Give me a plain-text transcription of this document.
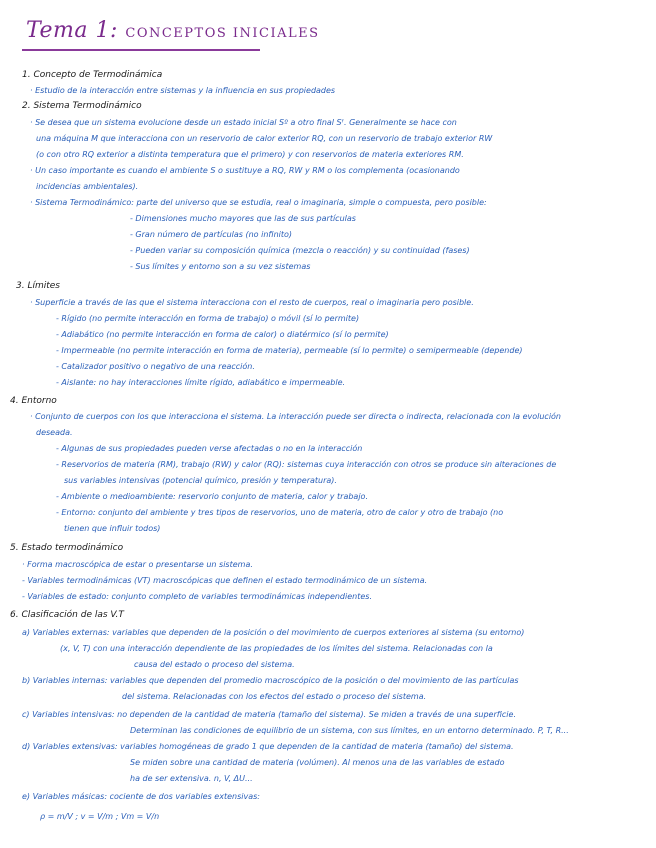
Tema 1: CONCEPTOS INICIALES
1. Concepto de Termodinámica
· Estudio de la interacción entre sistemas y la influencia en sus propiedades
2. Sistema Termodinámico
· Se desea que un sistema evolucione desde un estado inicial Sº a otro final Sᶠ. Generalmente se hace con
una máquina M que interacciona con un reservorio de calor exterior RQ, con un reservorio de trabajo exterior RW
(o con otro RQ exterior a distinta temperatura que el primero) y con reservorios de materia exteriores RM.
· Un caso importante es cuando el ambiente S o sustituye a RQ, RW y RM o los complementa (ocasionando
incidencias ambientales).
· Sistema Termodinámico: parte del universo que se estudia, real o imaginaria, simple o compuesta, pero posible:
- Dimensiones mucho mayores que las de sus partículas
- Gran número de partículas (no infinito)
- Pueden variar su composición química (mezcla o reacción) y su continuidad (fases)
- Sus límites y entorno son a su vez sistemas
3. Límites
· Superficie a través de las que el sistema interacciona con el resto de cuerpos, real o imaginaria pero posible.
- Rígido (no permite interacción en forma de trabajo) o móvil (sí lo permite)
- Adiabático (no permite interacción en forma de calor) o diatérmico (sí lo permite)
- Impermeable (no permite interacción en forma de materia), permeable (sí lo permite) o semipermeable (depende)
- Catalizador positivo o negativo de una reacción.
- Aislante: no hay interacciones límite rígido, adiabático e impermeable.
4. Entorno
· Conjunto de cuerpos con los que interacciona el sistema. La interacción puede ser directa o indirecta, relacionada con la evolución
deseada.
- Algunas de sus propiedades pueden verse afectadas o no en la interacción
- Reservorios de materia (RM), trabajo (RW) y calor (RQ): sistemas cuya interacción con otros se produce sin alteraciones de
sus variables intensivas (potencial químico, presión y temperatura).
- Ambiente o medioambiente: reservorio conjunto de materia, calor y trabajo.
- Entorno: conjunto del ambiente y tres tipos de reservorios, uno de materia, otro de calor y otro de trabajo (no
tienen que influir todos)
5. Estado termodinámico
· Forma macroscópica de estar o presentarse un sistema.
- Variables termodinámicas (VT) macroscópicas que definen el estado termodinámico de un sistema.
- Variables de estado: conjunto completo de variables termodinámicas independientes.
6. Clasificación de las V.T
a) Variables externas: variables que dependen de la posición o del movimiento de cuerpos exteriores al sistema (su entorno)
(x, V, T) con una interacción dependiente de las propiedades de los límites del sistema. Relacionadas con la
causa del estado o proceso del sistema.
b) Variables internas: variables que dependen del promedio macroscópico de la posición o del movimiento de las partículas
del sistema. Relacionadas con los efectos del estado o proceso del sistema.
c) Variables intensivas: no dependen de la cantidad de materia (tamaño del sistema). Se miden a través de una superficie.
Determinan las condiciones de equilibrio de un sistema, con sus límites, en un entorno determinado. P, T, R...
d) Variables extensivas: variables homogéneas de grado 1 que dependen de la cantidad de materia (tamaño) del sistema.
Se miden sobre una cantidad de materia (volúmen). Al menos una de las variables de estado
ha de ser extensiva. n, V, ΔU...
e) Variables másicas: cociente de dos variables extensivas:
ρ = m/V ; v = V/m ; Vm = V/n
